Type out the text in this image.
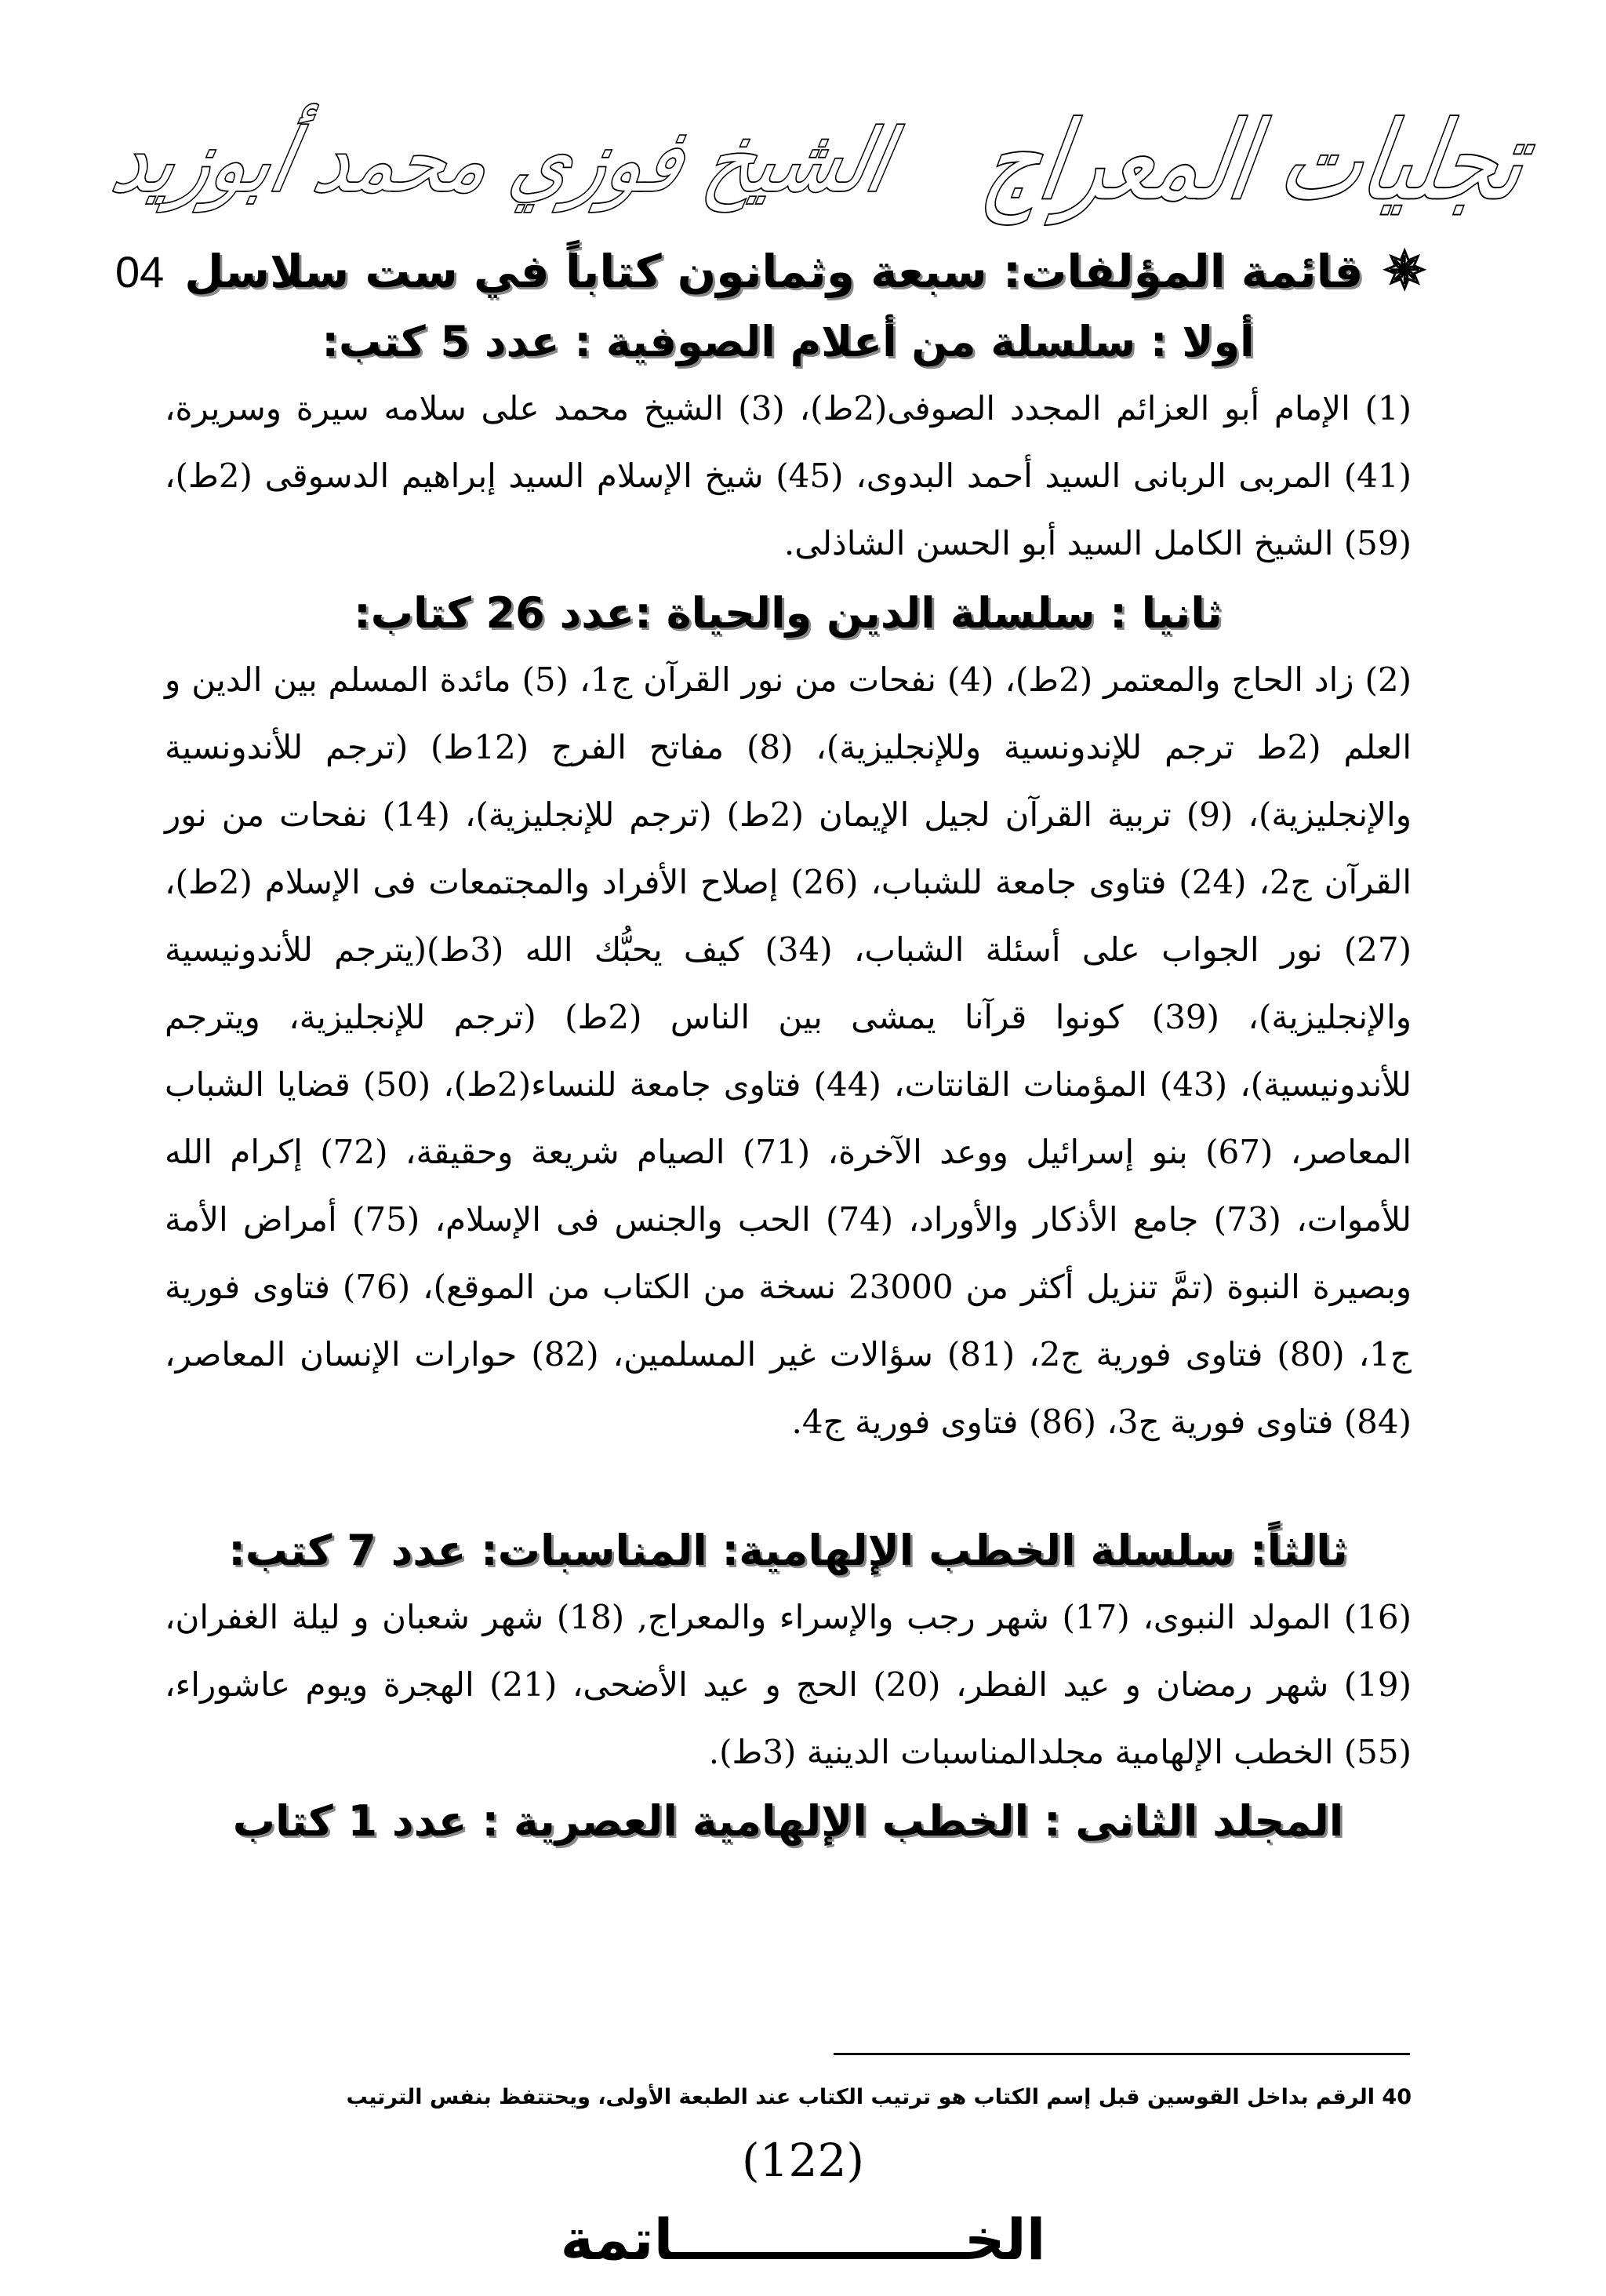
الشيخ فوزي محمد أبوزيد تجليات المعراج
✵
قائمة المؤلفات: سبعة وثمانون كتاباً في ست سلاسل
04
أولا : سلسلة من أعلام الصوفية : عدد 5 كتب:
(1) الإمام أبو العزائم المجدد الصوفى(2ط)، (3) الشيخ محمد على سلامه سيرة وسريرة، (41) المربى الربانى السيد أحمد البدوى، (45) شيخ الإسلام السيد إبراهيم الدسوقى (2ط)، (59) الشيخ الكامل السيد أبو الحسن الشاذلى.
ثانيا : سلسلة الدين والحياة :عدد 26 كتاب:
(2) زاد الحاج والمعتمر (2ط)، (4) نفحات من نور القرآن ج1، (5) مائدة المسلم بين الدين و العلم (2ط ترجم للإندونسية وللإنجليزية)، (8) مفاتح الفرج (12ط) (ترجم للأندونسية والإنجليزية)، (9) تربية القرآن لجيل الإيمان (2ط) (ترجم للإنجليزية)، (14) نفحات من نور القرآن ج2، (24) فتاوى جامعة للشباب، (26) إصلاح الأفراد والمجتمعات فى الإسلام (2ط)، (27) نور الجواب على أسئلة الشباب، (34) كيف يحبُّك الله (3ط)(يترجم للأندونيسية والإنجليزية)، (39) كونوا قرآنا يمشى بين الناس (2ط) (ترجم للإنجليزية، ويترجم للأندونيسية)، (43) المؤمنات القانتات، (44) فتاوى جامعة للنساء(2ط)، (50) قضايا الشباب المعاصر، (67) بنو إسرائيل ووعد الآخرة، (71) الصيام شريعة وحقيقة، (72) إكرام الله للأموات، (73) جامع الأذكار والأوراد، (74) الحب والجنس فى الإسلام، (75) أمراض الأمة وبصيرة النبوة (تمَّ تنزيل أكثر من 23000 نسخة من الكتاب من الموقع)، (76) فتاوى فورية ج1، (80) فتاوى فورية ج2، (81) سؤالات غير المسلمين، (82) حوارات الإنسان المعاصر، (84) فتاوى فورية ج3، (86) فتاوى فورية ج4.
ثالثاً: سلسلة الخطب الإلهامية: المناسبات: عدد 7 كتب:
(16) المولد النبوى، (17) شهر رجب والإسراء والمعراج, (18) شهر شعبان و ليلة الغفران، (19) شهر رمضان و عيد الفطر، (20) الحج و عيد الأضحى، (21) الهجرة ويوم عاشوراء، (55) الخطب الإلهامية مجلدالمناسبات الدينية (3ط).
المجلد الثانى : الخطب الإلهامية العصرية : عدد 1 كتاب
40 الرقم بداخل القوسين قبل إسم الكتاب هو ترتيب الكتاب عند الطبعة الأولى، ويحتتفظ بنفس الترتيب
(122)
الخـــــــــــــــاتمة
